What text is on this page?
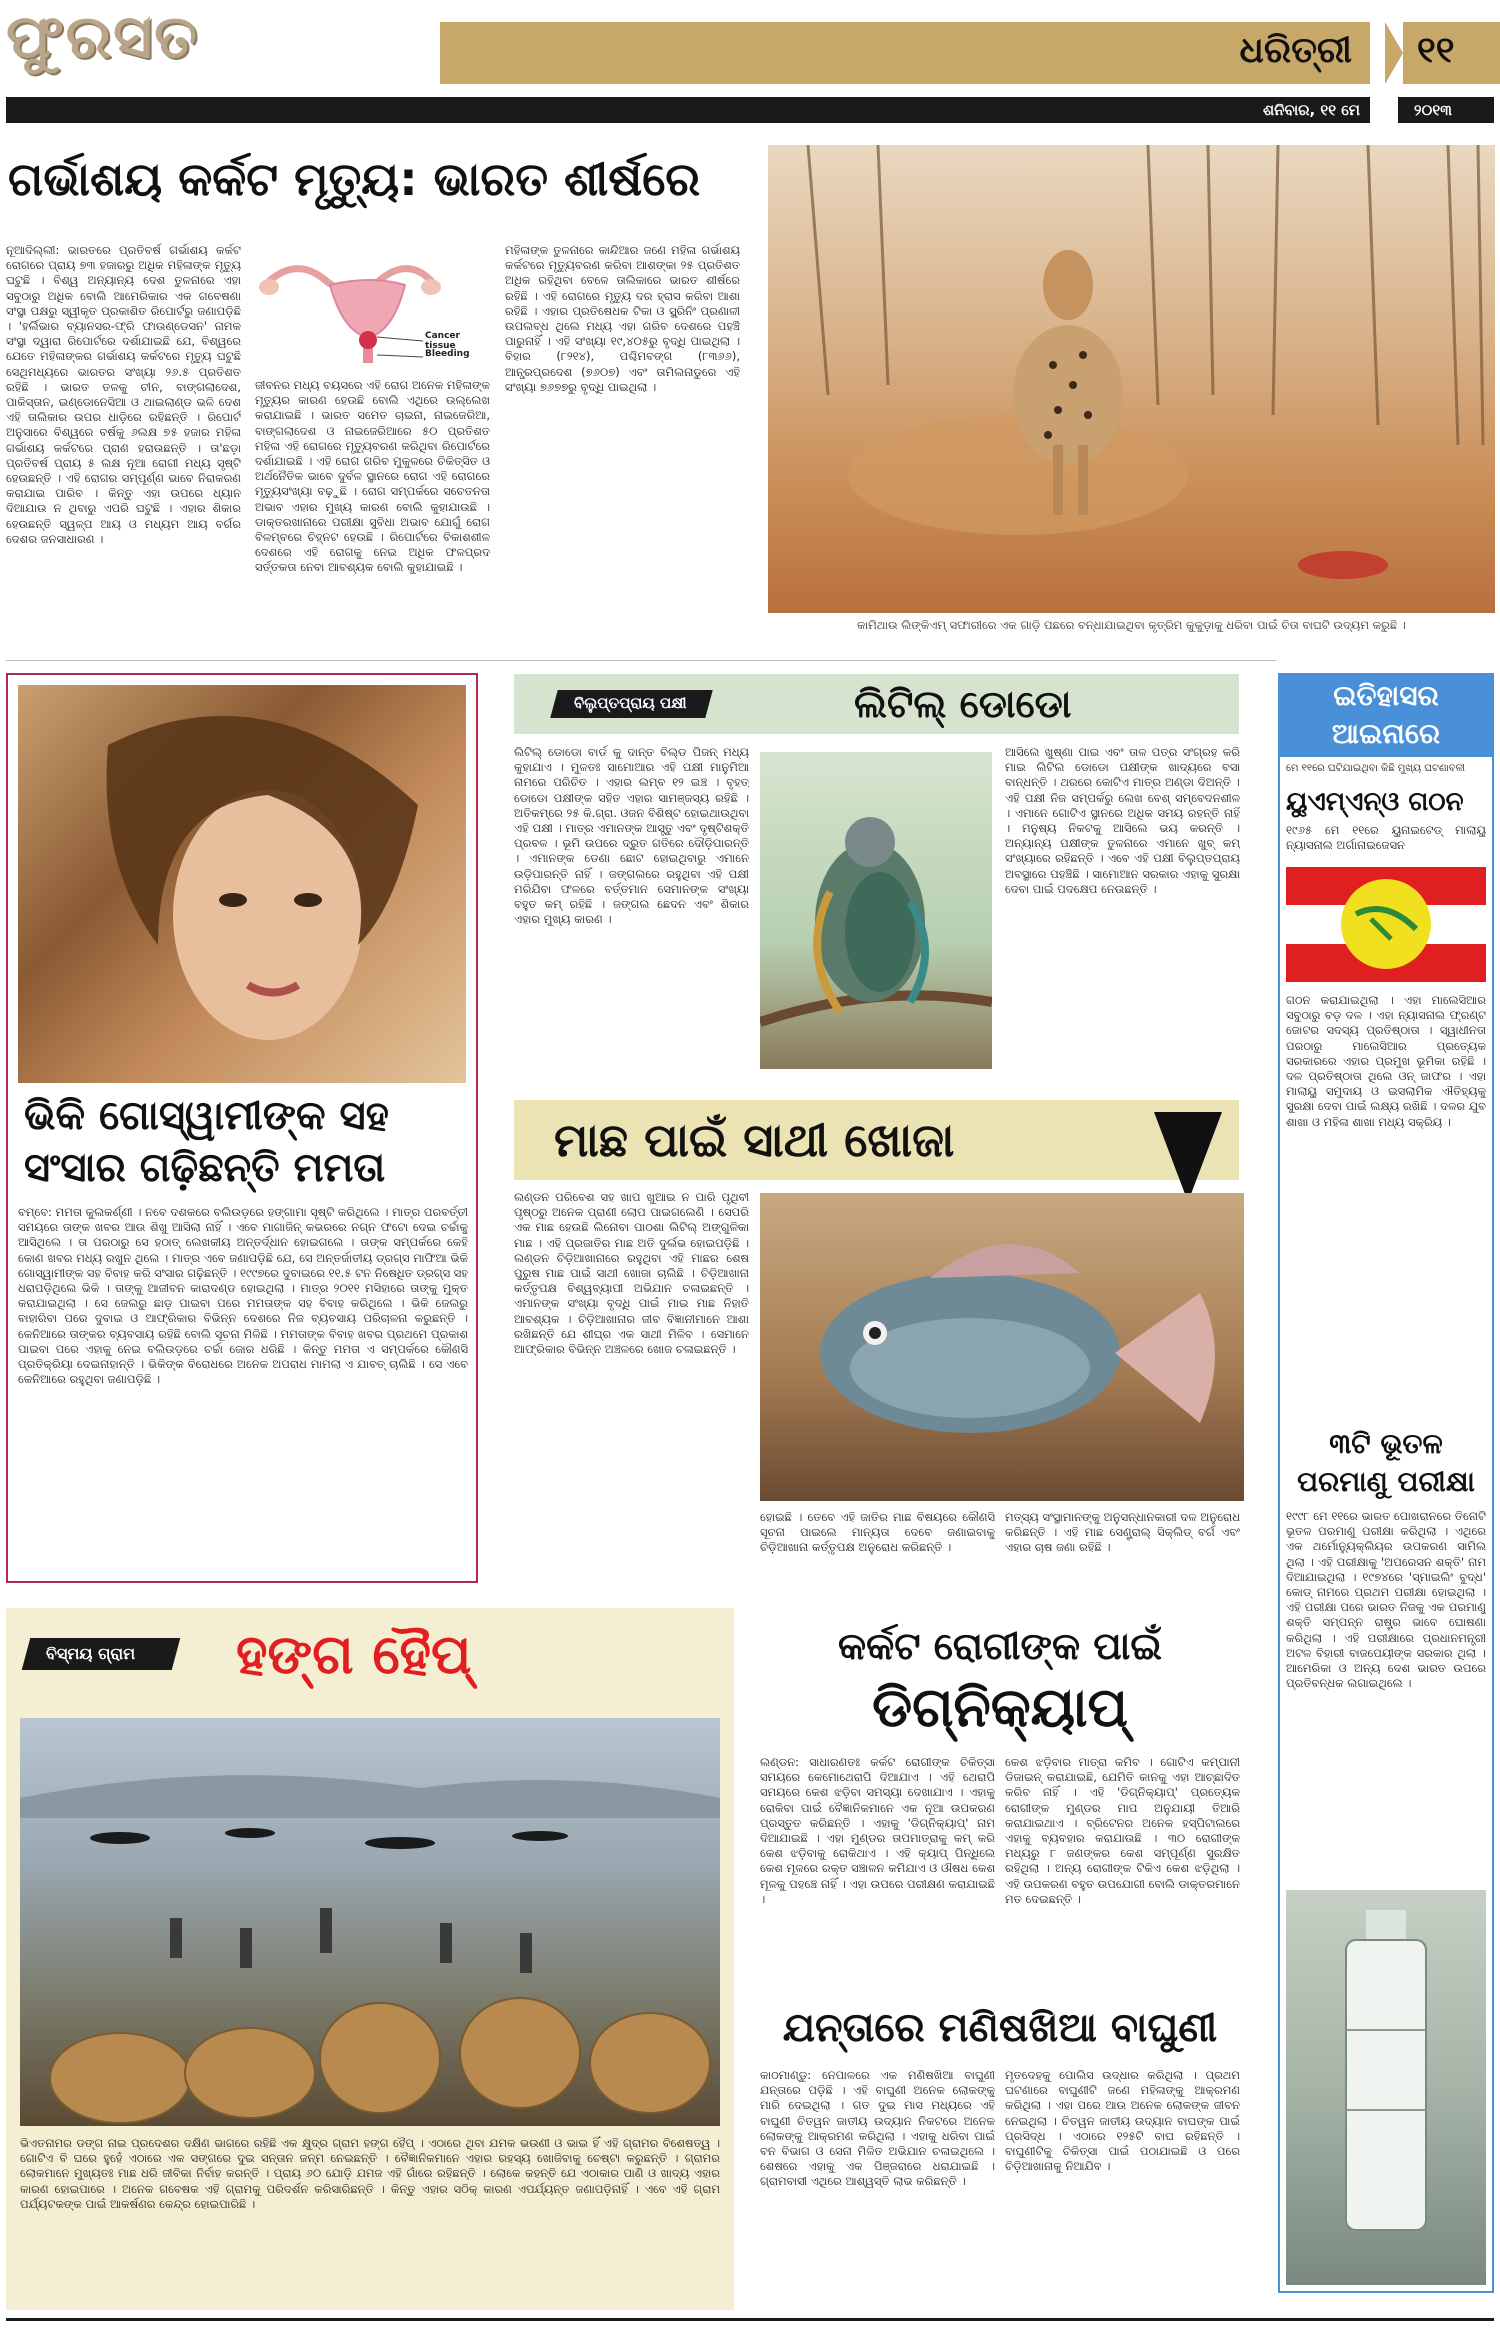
ଫୁରସତ	ଧରିତ୍ରୀ ୧୧
ଶନିବାର, ୧୧ ମେ	୨୦୧୩
ଗର୍ଭାଶୟ କର୍କଟ ମୃତ୍ୟୁ: ଭାରତ ଶୀର୍ଷରେ
ନୂଆଦିଲ୍ଲୀ: ଭାରତରେ ପ୍ରତିବର୍ଷ ଗର୍ଭାଶୟ କର୍କଟ ରୋଗରେ ପ୍ରାୟ ୭୩ ହଜାରରୁ ଅଧିକ ମହିଳାଙ୍କ ମୃତ୍ୟୁ ଘଟୁଛି । ବିଶ୍ୱ ଅନ୍ୟାନ୍ୟ ଦେଶ ତୁଳନାରେ ଏହା ସବୁଠାରୁ ଅଧିକ ବୋଲି ଆମେରିକାର ଏକ ଗବେଷଣା ସଂସ୍ଥା ପକ୍ଷରୁ ସ୍ୱୀକୃତ ପ୍ରକାଶିତ ରିପୋର୍ଟରୁ ଜଣାପଡ଼ିଛି । 'ହର୍ଲିଭାର ବ୍ୟାନସର-ଫ୍ରି ଫାଉଣ୍ଡେସନ' ନାମକ ସଂସ୍ଥା ଦ୍ୱାରା ରିପୋର୍ଟରେ ଦର୍ଶାଯାଇଛି ଯେ, ବିଶ୍ୱରେ ଯେତେ ମହିଳାଙ୍କର ଗର୍ଭାଶୟ କର୍କଟରେ ମୃତ୍ୟୁ ଘଟୁଛି ସେଥିମଧ୍ୟରେ ଭାରତର ସଂଖ୍ୟା ୨୬.୫ ପ୍ରତିଶତ ରହିଛି । ଭାରତ ତଳକୁ ଚୀନ, ବାଙ୍ଗଲାଦେଶ, ପାକିସ୍ତାନ, ଇଣ୍ଡୋନେସିଆ ଓ ଥାଇଲାଣ୍ଡ ଭଳି ଦେଶ ଏହି ତାଲିକାର ଉପର ଧାଡ଼ିରେ ରହିଛନ୍ତି । ରିପୋର୍ଟ ଅନୁସାରେ ବିଶ୍ୱରେ ବର୍ଷକୁ ୬ଲକ୍ଷ ୭୫ ହଜାର ମହିଳା ଗର୍ଭାଶୟ କର୍କଟରେ ପ୍ରାଣ ହରାଉଛନ୍ତି । ତା'ଛଡ଼ା ପ୍ରତିବର୍ଷ ପ୍ରାୟ ୫ ଲକ୍ଷ ନୂଆ ରୋଗୀ ମଧ୍ୟ ସୃଷ୍ଟି ହେଉଛନ୍ତି । ଏହି ରୋଗର ସମ୍ପୂର୍ଣ୍ଣ ଭାବେ ନିରାକରଣ କରାଯାଇ ପାରିବ । କିନ୍ତୁ ଏହା ଉପରେ ଧ୍ୟାନ ଦିଆଯାଉ ନ ଥିବାରୁ ଏପରି ଘଟୁଛି । ଏହାର ଶିକାର ହେଉଛନ୍ତି ସ୍ୱଳ୍ପ ଆୟ ଓ ମଧ୍ୟମ ଆୟ ବର୍ଗର ଦେଶର ଜନସାଧାରଣ ।
Cancer tissue
Bleeding
ଜୀବନର ମଧ୍ୟ ବୟସରେ ଏହି ରୋଗ ଅନେକ ମହିଳାଙ୍କ ମୃତ୍ୟୁର କାରଣ ହେଉଛି ବୋଲି ଏଥିରେ ଉଲ୍ଲେଖ କରାଯାଇଛି । ଭାରତ ସମେତ ଚାଇନା, ନାଇଜେରିଆ, ବାଙ୍ଗଲାଦେଶ ଓ ନାଇଜେରିଆରେ ୫୦ ପ୍ରତିଶତ ମହିଳା ଏହି ରୋଗରେ ମୃତ୍ୟୁବରଣ କରିଥିବା ରିପୋର୍ଟରେ ଦର୍ଶାଯାଇଛି । ଏହି ରୋଗ ଗରିବ ମୁକୁଳରେ ଚିକିତ୍ସିତ ଓ ଅର୍ଥନୈତିକ ଭାବେ ଦୁର୍ବଳ ସ୍ଥାନରେ ରୋଗ ଏହି ରୋଗରେ ମୃତ୍ୟୁସଂଖ୍ୟା ବଢ଼ୁଛି । ରୋଗ ସମ୍ପର୍କରେ ସଚେତନତା ଅଭାବ ଏହାର ମୁଖ୍ୟ କାରଣ ବୋଲି କୁହାଯାଉଛି । ଡାକ୍ତରଖାନାରେ ପରୀକ୍ଷା ସୁବିଧା ଅଭାବ ଯୋଗୁଁ ରୋଗ ବିଳମ୍ବରେ ଚିହ୍ନଟ ହେଉଛି । ରିପୋର୍ଟରେ ବିକାଶଶୀଳ ଦେଶରେ ଏହି ରୋଗକୁ ନେଇ ଅଧିକ ଫଳପ୍ରଦ ସର୍ତ୍ତକତା ନେବା ଆବଶ୍ୟକ ବୋଲି କୁହାଯାଇଛି ।
ମହିଳାଙ୍କ ତୁଳନାରେ କାନ୍ଦିଆର ଜଣେ ମହିଳା ଗର୍ଭାଶୟ କର୍କଟରେ ମୃତ୍ୟୁବରଣ କରିବା ଆଶଙ୍କା ୨୫ ପ୍ରତିଶତ ଅଧିକ ରହିଥିବା ବେଳେ ତାଲିକାରେ ଭାରତ ଶୀର୍ଷରେ ରହିଛି । ଏହି ରୋଗରେ ମୃତ୍ୟୁ ଦର ହ୍ରାସ କରିବା ଆଶା ରହିଛି । ଏହାର ପ୍ରତିଷେଧକ ଟିକା ଓ ସ୍କ୍ରିନିଂ ପ୍ରଣାଳୀ ଉପଲବ୍ଧ ଥିଲେ ମଧ୍ୟ ଏହା ଗରିବ ଦେଶରେ ପହଞ୍ଚି ପାରୁନାହିଁ । ଏହି ସଂଖ୍ୟା ୧୯,୪୦୫ରୁ ବୃଦ୍ଧି ପାଇଥିଲା । ବିହାର (୮୨୧୪), ପଶ୍ଚିମବଙ୍ଗ (୮୩୬୬), ଆନ୍ଧ୍ରପ୍ରଦେଶ (୭୬୦୭) ଏବଂ ତାମିଲନାଡୁରେ ଏହି ସଂଖ୍ୟା ୭୬୭୭ରୁ ବୃଦ୍ଧି ପାଇଥିଲା ।
କାମିଥାଉ ଲିଙ୍କିଏମ୍ ସଫାରୀରେ ଏକ ଗାଡ଼ି ପଛରେ ବନ୍ଧାଯାଇଥିବା କୃତ୍ରିମ କୁକୁଡ଼ାକୁ ଧରିବା ପାଇଁ ଚିତା ବାଘଟି ଉଦ୍ୟମ କରୁଛି ।
ଭିକି ଗୋସ୍ୱାମୀଙ୍କ ସହ
ସଂସାର ଗଢ଼ିଛନ୍ତି ମମତା
ବମ୍ବେ: ମମତା କୁଲକର୍ଣ୍ଣୀ । ନବେ ଦଶକରେ ବଲିଉଡ଼ରେ ହଙ୍ଗାମା ସୃଷ୍ଟି କରିଥିଲେ । ମାତ୍ର ପରବର୍ତ୍ତୀ ସମୟରେ ତାଙ୍କ ଖବର ଆଉ ଶିଖୁ ଆସିଲା ନାହିଁ । ଏବେ ମାଗାଜିନ୍ କଭରରେ ନଗ୍ନ ଫଟୋ ଦେଇ ଚର୍ଚ୍ଚାକୁ ଆସିଥିଲେ । ତା ପରଠାରୁ ସେ ହଠାତ୍ ଲେଖକୀୟ ଅନ୍ତର୍ଦ୍ଧାନ ହୋଇଗଲେ । ତାଙ୍କ ସମ୍ପର୍କରେ କେହି କୋଣ ଖବର ମଧ୍ୟ ରଖୁନ ଥିଲେ । ମାତ୍ର ଏବେ ଜଣାପଡ଼ିଛି ଯେ, ସେ ଅନ୍ତର୍ଜାତୀୟ ଡ୍ରଗ୍ସ ମାଫିଆ ଭିକି ଗୋସ୍ୱାମୀଙ୍କ ସହ ବିବାହ କରି ସଂସାର ଗଢ଼ିଛନ୍ତି । ୧୯୯୭ରେ ଦୁବାଇରେ ୧୧.୫ ଟନ ନିଷେଧିତ ଡ୍ରଗ୍ସ ସହ ଧରାପଡ଼ିଥିଲେ ଭିକି । ତାଙ୍କୁ ଆଜୀବନ କାରାଦଣ୍ଡ ହୋଇଥିଲା । ମାତ୍ର ୨୦୧୧ ମସିହାରେ ତାଙ୍କୁ ମୁକ୍ତ କରାଯାଇଥିଲା । ସେ ଜେଲରୁ ଛାଡ଼ ପାଇବା ପରେ ମମତାଙ୍କ ସହ ବିବାହ କରିଥିଲେ । ଭିକି ଜେଲରୁ ବାହାରିବା ପରେ ଦୁବାଇ ଓ ଆଫ୍ରିକାର ବିଭିନ୍ନ ଦେଶରେ ନିଜ ବ୍ୟବସାୟ ପରିଚାଳନା କରୁଛନ୍ତି । କେନିଆରେ ତାଙ୍କର ବ୍ୟବସାୟ ରହିଛି ବୋଲି ସୂଚନା ମିଳିଛି । ମମତାଙ୍କ ବିବାହ ଖବର ପ୍ରଥମେ ପ୍ରକାଶ ପାଇବା ପରେ ଏହାକୁ ନେଇ ବଲିଉଡ଼ରେ ଚର୍ଚ୍ଚା ଜୋର ଧରିଛି । କିନ୍ତୁ ମମତା ଏ ସମ୍ପର୍କରେ କୌଣସି ପ୍ରତିକ୍ରିୟା ଦେଇନାହାନ୍ତି । ଭିକିଙ୍କ ବିରୋଧରେ ଅନେକ ଅପରାଧ ମାମଲା ଏ ଯାବତ୍ ଚାଲିଛି । ସେ ଏବେ କେନିଆରେ ରହୁଥିବା ଜଣାପଡ଼ିଛି ।
ବିଲୁପ୍ତପ୍ରାୟ ପକ୍ଷୀ	ଲିଟିଲ୍ ଡୋଡୋ
ଲିଟିଲ୍ ଡୋଡୋ ବାର୍ଡ କୁ ଦାନ୍ତ ବିଲ୍ଡ ପିଜନ୍ ମଧ୍ୟ କୁହାଯାଏ । ମୁଳତଃ ସାମୋଆର ଏହି ପକ୍ଷୀ ମାନୁମିଆ ନାମରେ ପରିଚିତ । ଏହାର ଲମ୍ବ ୧୨ ଇଞ୍ଚ । ବୃହତ୍ ଡୋଡୋ ପକ୍ଷୀଙ୍କ ସହିତ ଏହାର ସାମଞ୍ଜସ୍ୟ ରହିଛି । ଅତିକମ୍‌ରେ ୨୫ କି.ଗ୍ରା. ଓଜନ ବିଶିଷ୍ଟ ହୋଇଥାଉଥିବା ଏହି ପକ୍ଷୀ । ମାତ୍ର ଏମାନଙ୍କ ଆସ୍ତ୍ତୁ ଏବଂ ଦୃଷ୍ଟିଶକ୍ତି ପ୍ରବଳ । ଭୂମି ଉପରେ ଦ୍ରୁତ ଗତିରେ ଦୌଡ଼ିପାରନ୍ତି । ଏମାନଙ୍କ ଡେଣା ଛୋଟ ହୋଇଥିବାରୁ ଏମାନେ ଉଡ଼ିପାରନ୍ତି ନାହିଁ । ଜଙ୍ଗଲରେ ରହୁଥିବା ଏହି ପକ୍ଷୀ ମରିଯିବା ଫଳରେ ବର୍ତ୍ତମାନ ସେମାନଙ୍କ ସଂଖ୍ୟା ବହୁତ କମ୍ ରହିଛି । ଜଙ୍ଗଲ ଛେଦନ ଏବଂ ଶିକାର ଏହାର ମୁଖ୍ୟ କାରଣ ।
ଆସିଲେ ଖୁଷ୍ଣା ପାଇ ଏବଂ ତାଳ ପତ୍ର ସଂଗ୍ରହ କରି ମାଇ ଲିଟିଲ ଡୋଡୋ ପକ୍ଷୀଙ୍କ ଖାଦ୍ୟରେ ବସା ବାନ୍ଧନ୍ତି । ଥରରେ କୋଟିଏ ମାତ୍ର ଅଣ୍ଡା ଦିଅନ୍ତି । ଏହି ପକ୍ଷୀ ନିଜ ସମ୍ପର୍କରୁ ଲେଖ ବେଶ୍ ସମ୍ବେଦନଶୀଳ । ଏମାନେ ଗୋଟିଏ ସ୍ଥାନରେ ଅଧିକ ସମୟ ରହନ୍ତି ନାହିଁ । ମନୁଷ୍ୟ ନିକଟକୁ ଆସିଲେ ଭୟ କରନ୍ତି । ଅନ୍ୟାନ୍ୟ ପକ୍ଷୀଙ୍କ ତୁଳନାରେ ଏମାନେ ଖୁବ୍ କମ୍ ସଂଖ୍ୟାରେ ରହିଛନ୍ତି । ଏବେ ଏହି ପକ୍ଷୀ ବିଲୁପ୍ତପ୍ରାୟ ଅବସ୍ଥାରେ ପହଞ୍ଚିଛି । ସାମୋଆନ ସରକାର ଏହାକୁ ସୁରକ୍ଷା ଦେବା ପାଇଁ ପଦକ୍ଷେପ ନେଉଛନ୍ତି ।
ମାଛ ପାଇଁ ସାଥୀ ଖୋଜା
ଲଣ୍ଡନ ପରିବେଶ ସହ ଖାପ ଖୁଆଇ ନ ପାରି ପୃଥିବୀ ପୃଷ୍ଠରୁ ଅନେକ ପ୍ରାଣୀ ଲୋପ ପାଇଗଲେଣି । ସେପରି ଏକ ମାଛ ହେଉଛି ଲିନୋବା ପାଠଶା ଲିଟିଲ୍ ଅଙ୍ଗୁଳିକା ମାଛ । ଏହି ପ୍ରଜାତିର ମାଛ ଅତି ଦୁର୍ଲଭ ହୋଇପଡ଼ିଛି । ଲଣ୍ଡନ ଚିଡ଼ିଆଖାନାରେ ରହୁଥିବା ଏହି ମାଛର ଶେଷ ପୁରୁଷ ମାଛ ପାଇଁ ସାଥୀ ଖୋଜା ଚାଲିଛି । ଚିଡ଼ିଆଖାନା କର୍ତ୍ତୃପକ୍ଷ ବିଶ୍ୱବ୍ୟାପୀ ଅଭିଯାନ ଚଳାଇଛନ୍ତି । ଏମାନଙ୍କ ସଂଖ୍ୟା ବୃଦ୍ଧି ପାଇଁ ମାଇ ମାଛ ନିହାତି ଆବଶ୍ୟକ । ଚିଡ଼ିଆଖାନାର ଜୀବ ବିଜ୍ଞାନୀମାନେ ଆଶା ରଖିଛନ୍ତି ଯେ ଶୀଘ୍ର ଏକ ସାଥୀ ମିଳିବ । ସେମାନେ ଆଫ୍ରିକାର ବିଭିନ୍ନ ଅଞ୍ଚଳରେ ଖୋଜ ଚଳାଇଛନ୍ତି ।
ହୋଇଛି । ତେବେ ଏହି ଜାତିର ମାଛ ବିଷୟରେ କୌଣସି ସୂଚନା ପାଇଲେ ମାନ୍ୟତା ଦେବେ ଜଣାଇବାକୁ ଚିଡ଼ିଆଖାନା କର୍ତ୍ତୃପକ୍ଷ ଅନୁରୋଧ କରିଛନ୍ତି ।
ମତ୍ସ୍ୟ ସଂସ୍ଥାମାନଙ୍କୁ ଅନୁସନ୍ଧାନକାରୀ ଦଳ ଅନୁରୋଧ କରିଛନ୍ତି । ଏହି ମାଛ ସେଣ୍ଟ୍ରାଲ୍ ସିକ୍ଲିଡ୍ ବର୍ଗ ଏବଂ ଏହାର ଚାଷ ଜଣା ରହିଛି ।
ଇତିହାସର
ଆଇନାରେ
ମେ ୧୧ରେ ଘଟିଯାଇଥିବା କିଛି ମୁଖ୍ୟ ଘଟଣାବଳୀ
ୟୁଏମ୍ଏନ୍ଓ ଗଠନ
୧୯୬୫ ମେ ୧୧ରେ ୟୁନାଇଟେଡ୍ ମାଲାୟୁ ନ୍ୟାସନାଲ ଅର୍ଗାନାଇଜେସନ
ଗଠନ କରାଯାଇଥିଲା । ଏହା ମାଲେସିଆର ସବୁଠାରୁ ବଡ଼ ଦଳ । ଏହା ନ୍ୟାସନାଲ ଫ୍ରଣ୍ଟ ଜୋଟର ସଦସ୍ୟ ପ୍ରତିଷ୍ଠାତା । ସ୍ୱାଧୀନତା ପରଠାରୁ ମାଲେସିଆର ପ୍ରତ୍ୟେକ ସରକାରରେ ଏହାର ପ୍ରମୁଖ ଭୂମିକା ରହିଛି । ଦଳ ପ୍ରତିଷ୍ଠାତା ଥିଲେ ଓନ୍ ଜାଫର । ଏହା ମାଲାୟୁ ସମୁଦାୟ ଓ ଇସଲାମିକ ଐତିହ୍ୟକୁ ସୁରକ୍ଷା ଦେବା ପାଇଁ ଲକ୍ଷ୍ୟ ରଖିଛି । ଦଳର ଯୁବ ଶାଖା ଓ ମହିଳା ଶାଖା ମଧ୍ୟ ସକ୍ରିୟ ।
୩ଟି ଭୂତଳ
ପରମାଣୁ ପରୀକ୍ଷା
୧୯୯୮ ମେ ୧୧ରେ ଭାରତ ପୋଖରାନରେ ତିନୋଟି ଭୂତଳ ପରମାଣୁ ପରୀକ୍ଷା କରିଥିଲା । ଏଥିରେ ଏକ ଥର୍ମୋନ୍ୟୁକ୍ଲିୟର ଉପକରଣ ସାମିଲ ଥିଲା । ଏହି ପରୀକ୍ଷାକୁ 'ଅପରେସନ ଶକ୍ତି' ନାମ ଦିଆଯାଇଥିଲା । ୧୯୭୪ରେ 'ସ୍ମାଇଲିଂ ବୁଦ୍ଧ' କୋଡ୍ ନାମରେ ପ୍ରଥମ ପରୀକ୍ଷା ହୋଇଥିଲା । ଏହି ପରୀକ୍ଷା ପରେ ଭାରତ ନିଜକୁ ଏକ ପରମାଣୁ ଶକ୍ତି ସମ୍ପନ୍ନ ରାଷ୍ଟ୍ର ଭାବେ ଘୋଷଣା କରିଥିଲା । ଏହି ପରୀକ୍ଷାରେ ପ୍ରଧାନମନ୍ତ୍ରୀ ଅଟଳ ବିହାରୀ ବାଜପେୟୀଙ୍କ ସରକାର ଥିଲା । ଆମେରିକା ଓ ଅନ୍ୟ ଦେଶ ଭାରତ ଉପରେ ପ୍ରତିବନ୍ଧକ ଲଗାଇଥିଲେ ।
ବିସ୍ମୟ ଗ୍ରାମ ହଙ୍ଗ ହୈପ୍
ଭିଏତନାମର ଡଙ୍ଗ ନାଇ ପ୍ରଦେଶର ଦକ୍ଷିଣ ଭାଗରେ ରହିଛି ଏକ କ୍ଷୁଦ୍ର ଗ୍ରାମ ହଙ୍ଗ ହୈପ୍ । ଏଠାରେ ଥିବା ଯମକ ଭଉଣୀ ଓ ଭାଇ ହିଁ ଏହି ଗ୍ରାମର ବିଶେଷତ୍ୱ । ଗୋଟିଏ ବି ଘରେ ହୁହେଁ ଏଠାରେ ଏକ ସଙ୍ଗରେ ଦୁଇ ସନ୍ତାନ ଜନ୍ମ ନେଇଛନ୍ତି । ବୈଜ୍ଞାନିକମାନେ ଏହାର ରହସ୍ୟ ଖୋଜିବାକୁ ଚେଷ୍ଟା କରୁଛନ୍ତି । ଗ୍ରାମର ଲୋକମାନେ ମୁଖ୍ୟତଃ ମାଛ ଧରି ଜୀବିକା ନିର୍ବାହ କରନ୍ତି । ପ୍ରାୟ ୬୦ ଯୋଡ଼ି ଯମଜ ଏହି ଗାଁରେ ରହିଛନ୍ତି । ଲୋକେ କହନ୍ତି ଯେ ଏଠାକାର ପାଣି ଓ ଖାଦ୍ୟ ଏହାର କାରଣ ହୋଇପାରେ । ଅନେକ ଗବେଷକ ଏହି ଗ୍ରାମକୁ ପରିଦର୍ଶନ କରିସାରିଛନ୍ତି । କିନ୍ତୁ ଏହାର ସଠିକ୍ କାରଣ ଏପର୍ଯ୍ୟନ୍ତ ଜଣାପଡ଼ିନାହିଁ । ଏବେ ଏହି ଗ୍ରାମ ପର୍ଯ୍ୟଟକଙ୍କ ପାଇଁ ଆକର୍ଷଣର କେନ୍ଦ୍ର ହୋଇପାରିଛି ।
କର୍କଟ ରୋଗୀଙ୍କ ପାଇଁ
ଡିଗ୍ନିକ୍ୟାପ୍
ଲଣ୍ଡନ: ସାଧାରଣତଃ କର୍କଟ ରୋଗୀଙ୍କ ଚିକିତ୍ସା ସମୟରେ କେମୋଥେରାପି ଦିଆଯାଏ । ଏହି ଥେରାପି ସମୟରେ କେଶ ଝଡ଼ିବା ସମସ୍ୟା ଦେଖାଯାଏ । ଏହାକୁ ରୋକିବା ପାଇଁ ବୈଜ୍ଞାନିକମାନେ ଏକ ନୂଆ ଉପକରଣ ପ୍ରସ୍ତୁତ କରିଛନ୍ତି । ଏହାକୁ 'ଡିଗ୍ନିକ୍ୟାପ୍' ନାମ ଦିଆଯାଇଛି । ଏହା ମୁଣ୍ଡର ତାପମାତ୍ରାକୁ କମ୍ କରି କେଶ ଝଡ଼ିବାକୁ ରୋକିଥାଏ । ଏହି କ୍ୟାପ୍ ପିନ୍ଧିଲେ କେଶ ମୂଳରେ ରକ୍ତ ସଞ୍ଚାଳନ କମିଯାଏ ଓ ଔଷଧ କେଶ ମୂଳକୁ ପହଞ୍ଚେ ନାହିଁ । ଏହା ଉପରେ ପରୀକ୍ଷଣ କରାଯାଇଛି ।
କେଶ ଝଡ଼ିବାର ମାତ୍ରା କମିବ । ଗୋଟିଏ କମ୍ପାନୀ ଡିଜାଇନ୍ କରାଯାଇଛି, ଯେମିତି କାନକୁ ଏହା ଆଚ୍ଛାଦିତ କରିବ ନାହିଁ । ଏହି 'ଡିଗ୍ନିକ୍ୟାପ୍' ପ୍ରତ୍ୟେକ ରୋଗୀଙ୍କ ମୁଣ୍ଡର ମାପ ଅନୁଯାୟୀ ତିଆରି କରାଯାଇଥାଏ । ବ୍ରିଟେନର ଅନେକ ହସ୍ପିଟାଲରେ ଏହାକୁ ବ୍ୟବହାର କରାଯାଉଛି । ୩୦ ରୋଗୀଙ୍କ ମଧ୍ୟରୁ ୮ ଜଣଙ୍କର କେଶ ସମ୍ପୂର୍ଣ୍ଣ ସୁରକ୍ଷିତ ରହିଥିଲା । ଅନ୍ୟ ରୋଗୀଙ୍କ ଟିକିଏ କେଶ ଝଡ଼ିଥିଲା । ଏହି ଉପକରଣ ବହୁତ ଉପଯୋଗୀ ବୋଲି ଡାକ୍ତରମାନେ ମତ ଦେଇଛନ୍ତି ।
ଯନ୍ତାରେ ମଣିଷଖିଆ ବାଘୁଣୀ
କାଠମାଣ୍ଡୁ: ନେପାଳରେ ଏକ ମଣିଷଖିଆ ବାଘୁଣୀ ଯନ୍ତାରେ ପଡ଼ିଛି । ଏହି ବାଘୁଣୀ ଅନେକ ଲୋକଙ୍କୁ ମାରି ଦେଇଥିଲା । ଗତ ଦୁଇ ମାସ ମଧ୍ୟରେ ଏହି ବାଘୁଣୀ ଚିତୱନ ଜାତୀୟ ଉଦ୍ୟାନ ନିକଟରେ ଅନେକ ଲୋକଙ୍କୁ ଆକ୍ରମଣ କରିଥିଲା । ଏହାକୁ ଧରିବା ପାଇଁ ବନ ବିଭାଗ ଓ ସେନା ମିଳିତ ଅଭିଯାନ ଚଳାଇଥିଲେ । ଶେଷରେ ଏହାକୁ ଏକ ପିଞ୍ଜରାରେ ଧରାଯାଇଛି । ଗ୍ରାମବାସୀ ଏଥିରେ ଆଶ୍ୱସ୍ତି ଲାଭ କରିଛନ୍ତି ।
ମୃତଦେହକୁ ପୋଲିସ ଉଦ୍ଧାର କରିଥିଲା । ପ୍ରଥମ ଘଟଣାରେ ବାଘୁଣୀଟି ଜଣେ ମହିଳାଙ୍କୁ ଆକ୍ରମଣ କରିଥିଲା । ଏହା ପରେ ଆଉ ଅନେକ ଲୋକଙ୍କ ଜୀବନ ନେଇଥିଲା । ଚିତୱନ ଜାତୀୟ ଉଦ୍ୟାନ ବାଘଙ୍କ ପାଇଁ ପ୍ରସିଦ୍ଧ । ଏଠାରେ ୧୨୫ଟି ବାଘ ରହିଛନ୍ତି । ବାଘୁଣୀଟିକୁ ଚିକିତ୍ସା ପାଇଁ ପଠାଯାଇଛି ଓ ପରେ ଚିଡ଼ିଆଖାନାକୁ ନିଆଯିବ ।
